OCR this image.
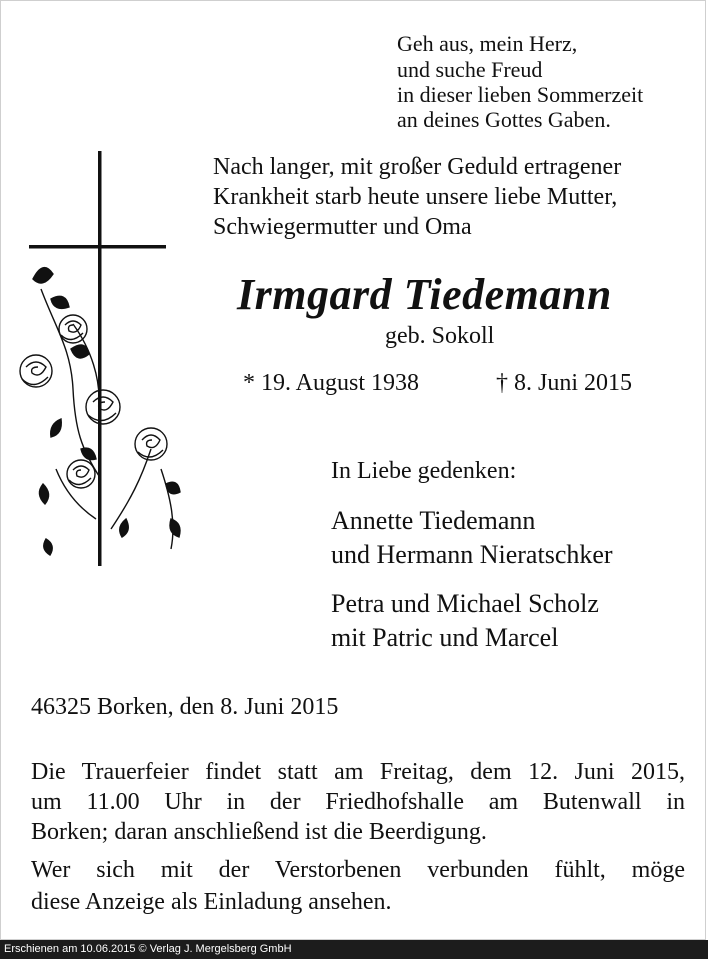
Geh aus, mein Herz,
und suche Freud
in dieser lieben Sommerzeit
an deines Gottes Gaben.
Nach langer, mit großer Geduld ertragener
Krankheit starb heute unsere liebe Mutter,
Schwiegermutter und Oma
Irmgard Tiedemann
geb. Sokoll
* 19. August 1938	† 8. Juni 2015
In Liebe gedenken:
Annette Tiedemann
und Hermann Nieratschker
Petra und Michael Scholz
mit Patric und Marcel
46325 Borken, den 8. Juni 2015
Die Trauerfeier findet statt am Freitag, dem 12. Juni 2015,
um 11.00 Uhr in der Friedhofshalle am Butenwall in
Borken; daran anschließend ist die Beerdigung.
Wer sich mit der Verstorbenen verbunden fühlt, möge
diese Anzeige als Einladung ansehen.
Erschienen am 10.06.2015 © Verlag J. Mergelsberg GmbH
